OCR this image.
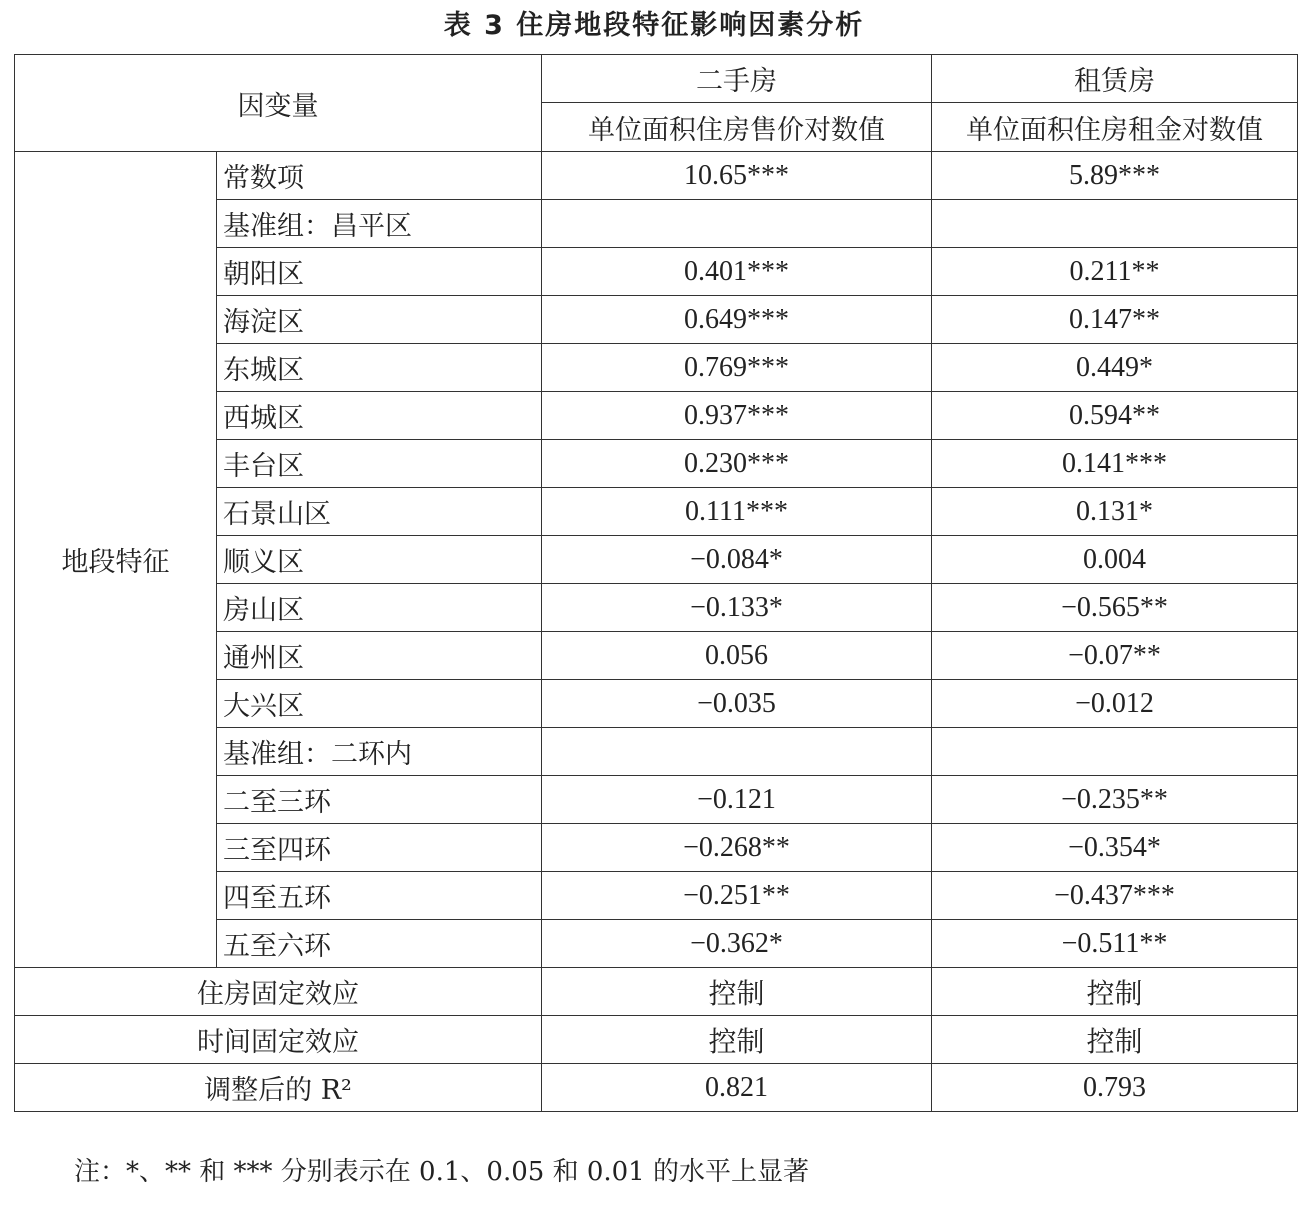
表 3 住房地段特征影响因素分析
因变量		二手房	租赁房
		单位面积住房售价对数值	单位面积住房租金对数值
地段特征	常数项	10.65***	5.89***
	基准组：昌平区		
	朝阳区	0.401***	0.211**
	海淀区	0.649***	0.147**
	东城区	0.769***	0.449*
	西城区	0.937***	0.594**
	丰台区	0.230***	0.141***
	石景山区	0.111***	0.131*
	顺义区	−0.084*	0.004
	房山区	−0.133*	−0.565**
	通州区	0.056	−0.07**
	大兴区	−0.035	−0.012
	基准组：二环内		
	二至三环	−0.121	−0.235**
	三至四环	−0.268**	−0.354*
	四至五环	−0.251**	−0.437***
	五至六环	−0.362*	−0.511**
住房固定效应		控制	控制
时间固定效应		控制	控制
调整后的 R²		0.821	0.793
注：*、** 和 *** 分别表示在 0.1、0.05 和 0.01 的水平上显著
